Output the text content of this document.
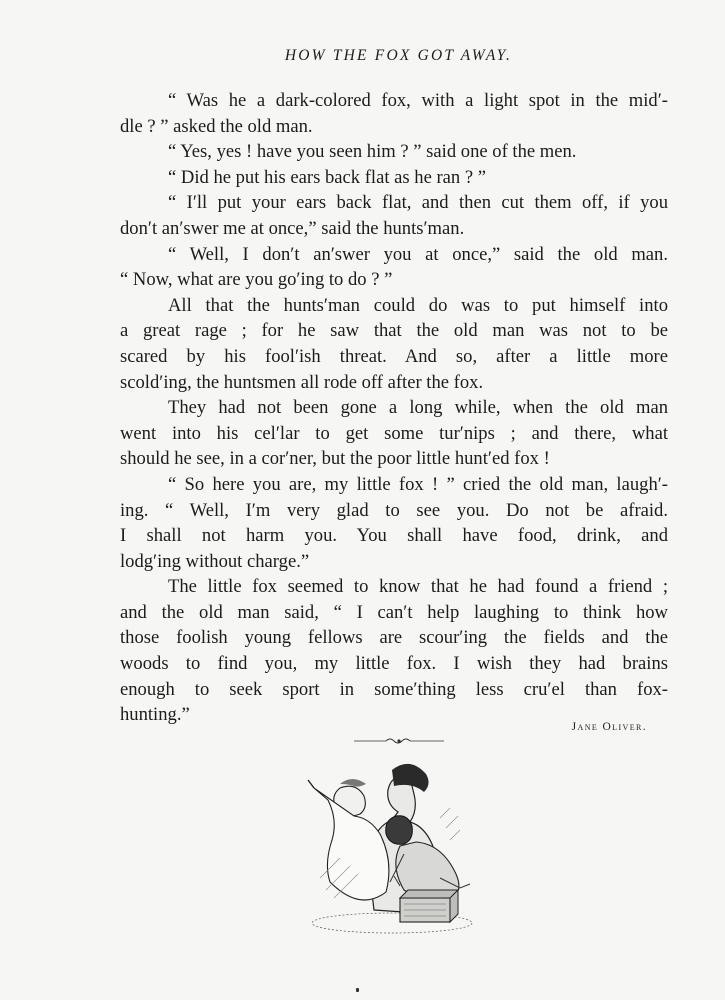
HOW THE FOX GOT AWAY.
“ Was he a dark-colored fox, with a light spot in the mid′-
dle ? ” asked the old man.
“ Yes, yes ! have you seen him ? ” said one of the men.
“ Did he put his ears back flat as he ran ? ”
“ I′ll put your ears back flat, and then cut them off, if you
don′t an′swer me at once,” said the hunts′man.
“ Well, I don′t an′swer you at once,” said the old man.
“ Now, what are you go′ing to do ? ”
All that the hunts′man could do was to put himself into
a great rage ; for he saw that the old man was not to be
scared by his fool′ish threat. And so, after a little more
scold′ing, the huntsmen all rode off after the fox.
They had not been gone a long while, when the old man
went into his cel′lar to get some tur′nips ; and there, what
should he see, in a cor′ner, but the poor little hunt′ed fox !
“ So here you are, my little fox ! ” cried the old man, laugh′-
ing. “ Well, I′m very glad to see you. Do not be afraid.
I shall not harm you. You shall have food, drink, and
lodg′ing without charge.”
The little fox seemed to know that he had found a friend ;
and the old man said, “ I can′t help laughing to think how
those foolish young fellows are scour′ing the fields and the
woods to find you, my little fox. I wish they had brains
enough to seek sport in some′thing less cru′el than fox-
hunting.”
Jane Oliver.
